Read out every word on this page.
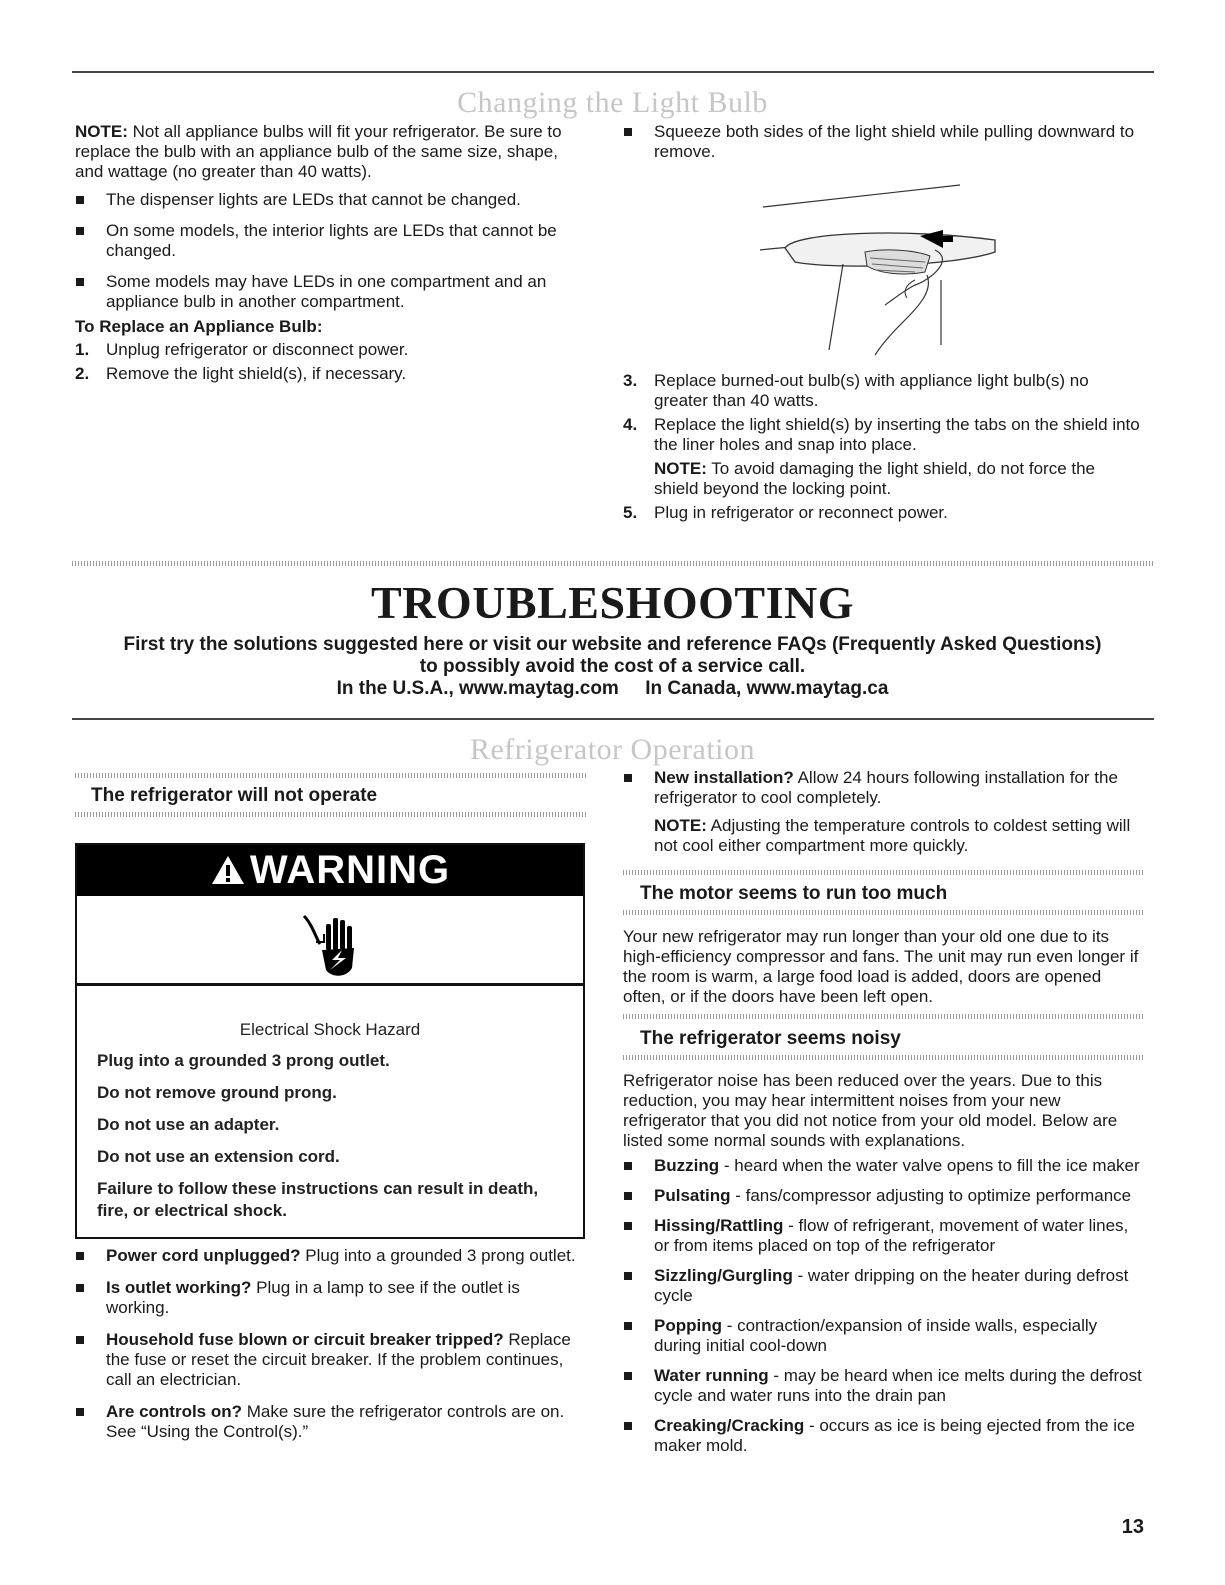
Changing the Light Bulb

NOTE: Not all appliance bulbs will fit your refrigerator. Be sure to replace the bulb with an appliance bulb of the same size, shape, and wattage (no greater than 40 watts).

The dispenser lights are LEDs that cannot be changed.

On some models, the interior lights are LEDs that cannot be changed.

Some models may have LEDs in one compartment and an appliance bulb in another compartment.

To Replace an Appliance Bulb:

1. Unplug refrigerator or disconnect power.

2. Remove the light shield(s), if necessary.

Squeeze both sides of the light shield while pulling downward to remove.

3. Replace burned-out bulb(s) with appliance light bulb(s) no greater than 40 watts.

4. Replace the light shield(s) by inserting the tabs on the shield into the liner holes and snap into place.

NOTE: To avoid damaging the light shield, do not force the shield beyond the locking point.

5. Plug in refrigerator or reconnect power.

TROUBLESHOOTING
First try the solutions suggested here or visit our website and reference FAQs (Frequently Asked Questions)
to possibly avoid the cost of a service call.
In the U.S.A., www.maytag.com     In Canada, www.maytag.ca
Refrigerator Operation
The refrigerator will not operate
WARNING
Electrical Shock Hazard
Plug into a grounded 3 prong outlet.
Do not remove ground prong.
Do not use an adapter.
Do not use an extension cord.
Failure to follow these instructions can result in death, fire, or electrical shock.

Power cord unplugged? Plug into a grounded 3 prong outlet.

Is outlet working? Plug in a lamp to see if the outlet is working.

Household fuse blown or circuit breaker tripped? Replace the fuse or reset the circuit breaker. If the problem continues, call an electrician.

Are controls on? Make sure the refrigerator controls are on. See “Using the Control(s).”

New installation? Allow 24 hours following installation for the refrigerator to cool completely.

NOTE: Adjusting the temperature controls to coldest setting will not cool either compartment more quickly.

The motor seems to run too much

Your new refrigerator may run longer than your old one due to its high-efficiency compressor and fans. The unit may run even longer if the room is warm, a large food load is added, doors are opened often, or if the doors have been left open.

The refrigerator seems noisy

Refrigerator noise has been reduced over the years. Due to this reduction, you may hear intermittent noises from your new refrigerator that you did not notice from your old model. Below are listed some normal sounds with explanations.

Buzzing - heard when the water valve opens to fill the ice maker

Pulsating - fans/compressor adjusting to optimize performance

Hissing/Rattling - flow of refrigerant, movement of water lines, or from items placed on top of the refrigerator

Sizzling/Gurgling - water dripping on the heater during defrost cycle

Popping - contraction/expansion of inside walls, especially during initial cool-down

Water running - may be heard when ice melts during the defrost cycle and water runs into the drain pan

Creaking/Cracking - occurs as ice is being ejected from the ice maker mold.

13
